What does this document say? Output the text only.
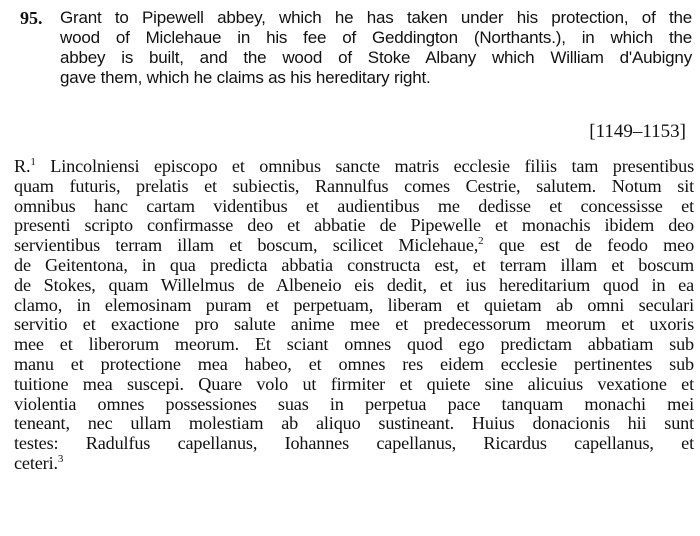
95. Grant to Pipewell abbey, which he has taken under his protection, of the
wood of Miclehaue in his fee of Geddington (Northants.), in which the
abbey is built, and the wood of Stoke Albany which William d'Aubigny
gave them, which he claims as his hereditary right.
[1149–1153]
R.$^1$ Lincolniensi episcopo et omnibus sancte matris ecclesie filiis tam presentibus
quam futuris, prelatis et subiectis, Rannulfus comes Cestrie, salutem. Notum sit
omnibus hanc cartam videntibus et audientibus me dedisse et concessisse et
presenti scripto confirmasse deo et abbatie de Pipewelle et monachis ibidem deo
servientibus terram illam et boscum, scilicet Miclehaue,$^2$ que est de feodo meo
de Geitentona, in qua predicta abbatia constructa est, et terram illam et boscum
de Stokes, quam Willelmus de Albeneio eis dedit, et ius hereditarium quod in ea
clamo, in elemosinam puram et perpetuam, liberam et quietam ab omni seculari
servitio et exactione pro salute anime mee et predecessorum meorum et uxoris
mee et liberorum meorum. Et sciant omnes quod ego predictam abbatiam sub
manu et protectione mea habeo, et omnes res eidem ecclesie pertinentes sub
tuitione mea suscepi. Quare volo ut firmiter et quiete sine alicuius vexatione et
violentia omnes possessiones suas in perpetua pace tanquam monachi mei
teneant, nec ullam molestiam ab aliquo sustineant. Huius donacionis hii sunt
testes: Radulfus capellanus, Iohannes capellanus, Ricardus capellanus, et
ceteri.$^3$
